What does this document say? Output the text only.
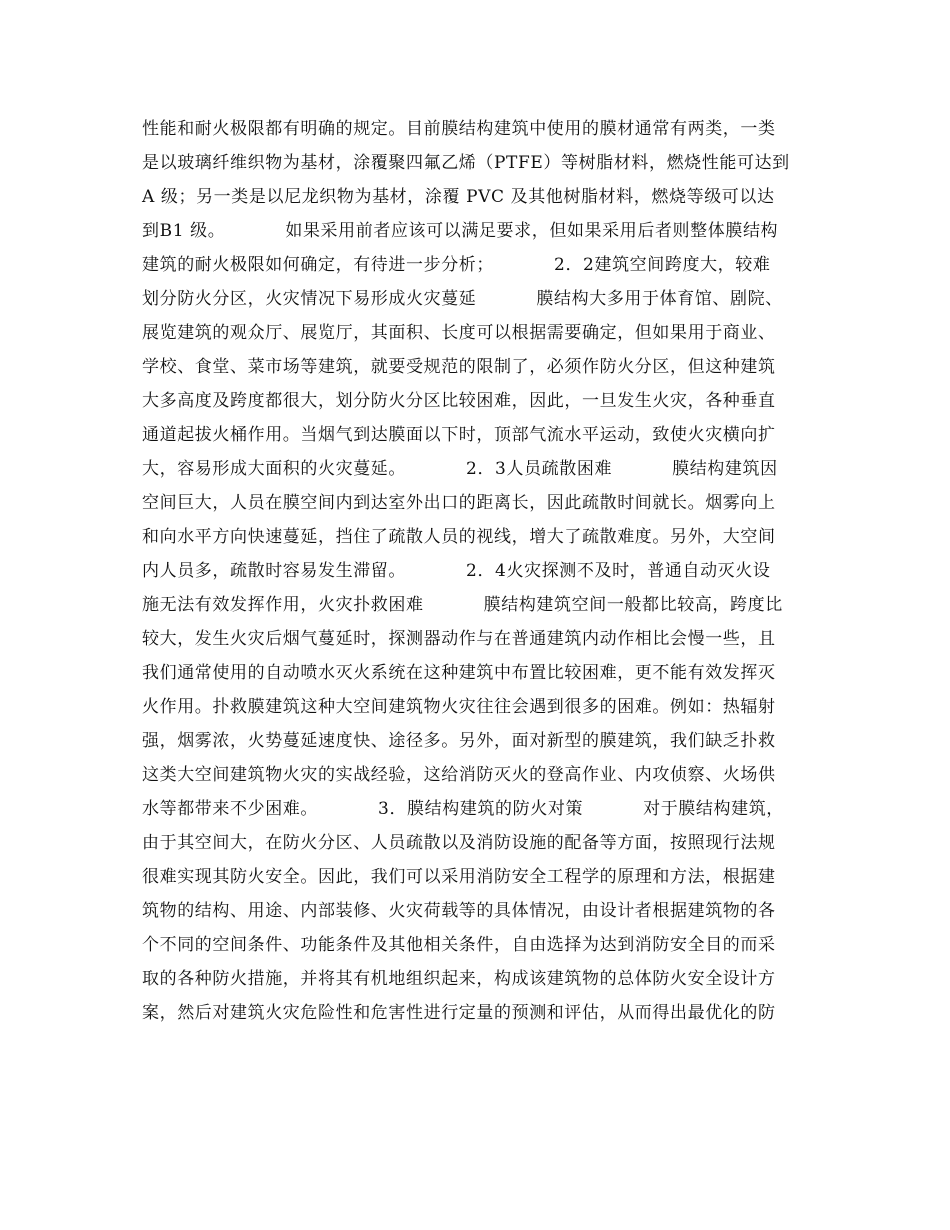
性能和耐火极限都有明确的规定。目前膜结构建筑中使用的膜材通常有两类，一类
是以玻璃纤维织物为基材，涂覆聚四氟乙烯（PTFE）等树脂材料，燃烧性能可达到
A 级；另一类是以尼龙织物为基材，涂覆 PVC 及其他树脂材料，燃烧等级可以达
到B1 级。          如果采用前者应该可以满足要求，但如果采用后者则整体膜结构
建筑的耐火极限如何确定，有待进一步分析；          2．2建筑空间跨度大，较难
划分防火分区，火灾情况下易形成火灾蔓延          膜结构大多用于体育馆、剧院、
展览建筑的观众厅、展览厅，其面积、长度可以根据需要确定，但如果用于商业、
学校、食堂、菜市场等建筑，就要受规范的限制了，必须作防火分区，但这种建筑
大多高度及跨度都很大，划分防火分区比较困难，因此，一旦发生火灾，各种垂直
通道起拔火桶作用。当烟气到达膜面以下时，顶部气流水平运动，致使火灾横向扩
大，容易形成大面积的火灾蔓延。          2．3人员疏散困难          膜结构建筑因
空间巨大，人员在膜空间内到达室外出口的距离长，因此疏散时间就长。烟雾向上
和向水平方向快速蔓延，挡住了疏散人员的视线，增大了疏散难度。另外，大空间
内人员多，疏散时容易发生滞留。          2．4火灾探测不及时，普通自动灭火设
施无法有效发挥作用，火灾扑救困难          膜结构建筑空间一般都比较高，跨度比
较大，发生火灾后烟气蔓延时，探测器动作与在普通建筑内动作相比会慢一些，且
我们通常使用的自动喷水灭火系统在这种建筑中布置比较困难，更不能有效发挥灭
火作用。扑救膜建筑这种大空间建筑物火灾往往会遇到很多的困难。例如：热辐射
强，烟雾浓，火势蔓延速度快、途径多。另外，面对新型的膜建筑，我们缺乏扑救
这类大空间建筑物火灾的实战经验，这给消防灭火的登高作业、内攻侦察、火场供
水等都带来不少困难。          3．膜结构建筑的防火对策          对于膜结构建筑，
由于其空间大，在防火分区、人员疏散以及消防设施的配备等方面，按照现行法规
很难实现其防火安全。因此，我们可以采用消防安全工程学的原理和方法，根据建
筑物的结构、用途、内部装修、火灾荷载等的具体情况，由设计者根据建筑物的各
个不同的空间条件、功能条件及其他相关条件，自由选择为达到消防安全目的而采
取的各种防火措施，并将其有机地组织起来，构成该建筑物的总体防火安全设计方
案，然后对建筑火灾危险性和危害性进行定量的预测和评估，从而得出最优化的防
